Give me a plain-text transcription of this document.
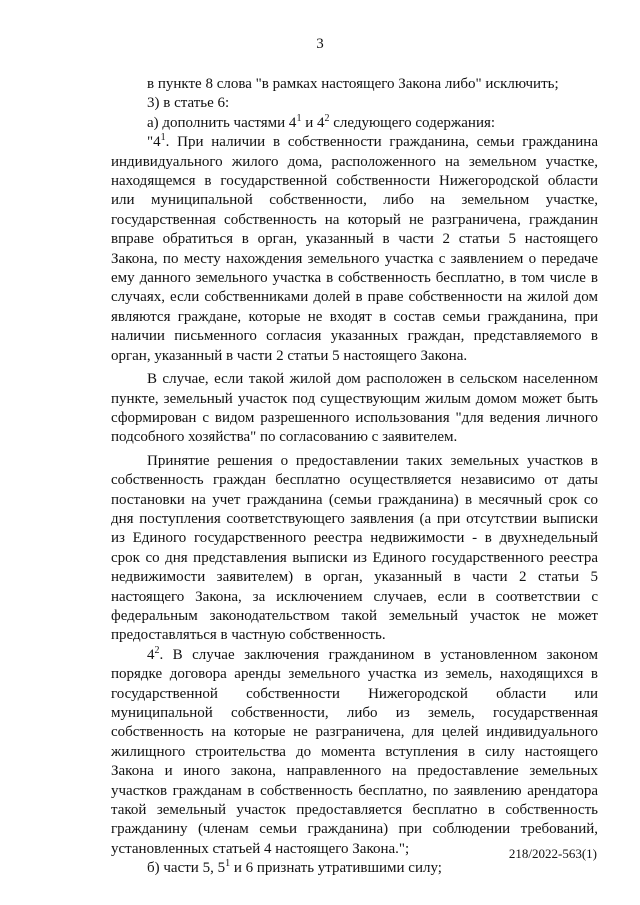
3

в пункте 8 слова "в рамках настоящего Закона либо" исключить;

3) в статье 6:

а) дополнить частями $4^1$ и $4^2$ следующего содержания:

"$4^1$. При наличии в собственности гражданина, семьи гражданина индивидуального жилого дома, расположенного на земельном участке, находящемся в государственной собственности Нижегородской области или муниципальной собственности, либо на земельном участке, государственная собственность на который не разграничена, гражданин вправе обратиться в орган, указанный в части 2 статьи 5 настоящего Закона, по месту нахождения земельного участка с заявлением о передаче ему данного земельного участка в собственность бесплатно, в том числе в случаях, если собственниками долей в праве собственности на жилой дом являются граждане, которые не входят в состав семьи гражданина, при наличии письменного согласия указанных граждан, представляемого в орган, указанный в части 2 статьи 5 настоящего Закона.

В случае, если такой жилой дом расположен в сельском населенном пункте, земельный участок под существующим жилым домом может быть сформирован с видом разрешенного использования "для ведения личного подсобного хозяйства" по согласованию с заявителем.

Принятие решения о предоставлении таких земельных участков в собственность граждан бесплатно осуществляется независимо от даты постановки на учет гражданина (семьи гражданина) в месячный срок со дня поступления соответствующего заявления (а при отсутствии выписки из Единого государственного реестра недвижимости - в двухнедельный срок со дня представления выписки из Единого государственного реестра недвижимости заявителем) в орган, указанный в части 2 статьи 5 настоящего Закона, за исключением случаев, если в соответствии с федеральным законодательством такой земельный участок не может предоставляться в частную собственность.

$4^2$. В случае заключения гражданином в установленном законом порядке договора аренды земельного участка из земель, находящихся в государственной собственности Нижегородской области или муниципальной собственности, либо из земель, государственная собственность на которые не разграничена, для целей индивидуального жилищного строительства до момента вступления в силу настоящего Закона и иного закона, направленного на предоставление земельных участков гражданам в собственность бесплатно, по заявлению арендатора такой земельный участок предоставляется бесплатно в собственность гражданину (членам семьи гражданина) при соблюдении требований, установленных статьей 4 настоящего Закона.";

б) части 5, $5^1$ и 6 признать утратившими силу;

218/2022-563(1)
